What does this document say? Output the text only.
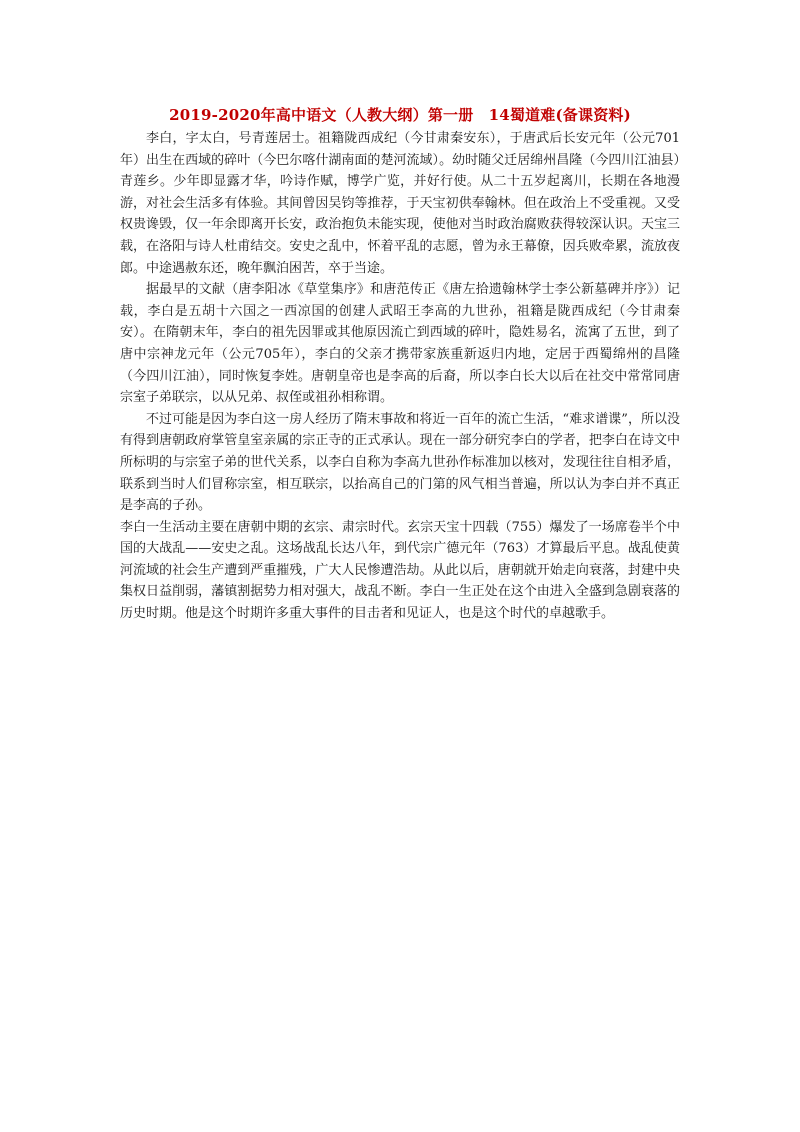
2019-2020年高中语文（人教大纲）第一册　14蜀道难(备课资料)

李白，字太白，号青莲居士。祖籍陇西成纪（今甘肃秦安东），于唐武后长安元年（公元701年）出生在西域的碎叶（今巴尔喀什湖南面的楚河流域）。幼时随父迁居绵州昌隆（今四川江油县）青莲乡。少年即显露才华，吟诗作赋，博学广览，并好行使。从二十五岁起离川，长期在各地漫游，对社会生活多有体验。其间曾因吴钧等推荐，于天宝初供奉翰林。但在政治上不受重视。又受权贵谗毁，仅一年余即离开长安，政治抱负未能实现，使他对当时政治腐败获得较深认识。天宝三载，在洛阳与诗人杜甫结交。安史之乱中，怀着平乱的志愿，曾为永王幕僚，因兵败牵累，流放夜郎。中途遇赦东还，晚年飘泊困苦，卒于当途。

据最早的文献（唐李阳冰《草堂集序》和唐范传正《唐左拾遗翰林学士李公新墓碑并序》）记载，李白是五胡十六国之一西凉国的创建人武昭王李高的九世孙，祖籍是陇西成纪（今甘肃秦安）。在隋朝末年，李白的祖先因罪或其他原因流亡到西域的碎叶，隐姓易名，流寓了五世，到了唐中宗神龙元年（公元705年），李白的父亲才携带家族重新返归内地，定居于西蜀绵州的昌隆（今四川江油），同时恢复李姓。唐朝皇帝也是李高的后裔，所以李白长大以后在社交中常常同唐宗室子弟联宗，以从兄弟、叔侄或祖孙相称谓。

不过可能是因为李白这一房人经历了隋末事故和将近一百年的流亡生活，“难求谱谍”，所以没有得到唐朝政府掌管皇室亲属的宗正寺的正式承认。现在一部分研究李白的学者，把李白在诗文中所标明的与宗室子弟的世代关系，以李白自称为李高九世孙作标准加以核对，发现往往自相矛盾，联系到当时人们冒称宗室，相互联宗，以抬高自己的门第的风气相当普遍，所以认为李白并不真正是李高的子孙。

李白一生活动主要在唐朝中期的玄宗、肃宗时代。玄宗天宝十四载（755）爆发了一场席卷半个中国的大战乱——安史之乱。这场战乱长达八年，到代宗广德元年（763）才算最后平息。战乱使黄河流域的社会生产遭到严重摧残，广大人民惨遭浩劫。从此以后，唐朝就开始走向衰落，封建中央集权日益削弱，藩镇割据势力相对强大，战乱不断。李白一生正处在这个由进入全盛到急剧衰落的历史时期。他是这个时期许多重大事件的目击者和见证人，也是这个时代的卓越歌手。
